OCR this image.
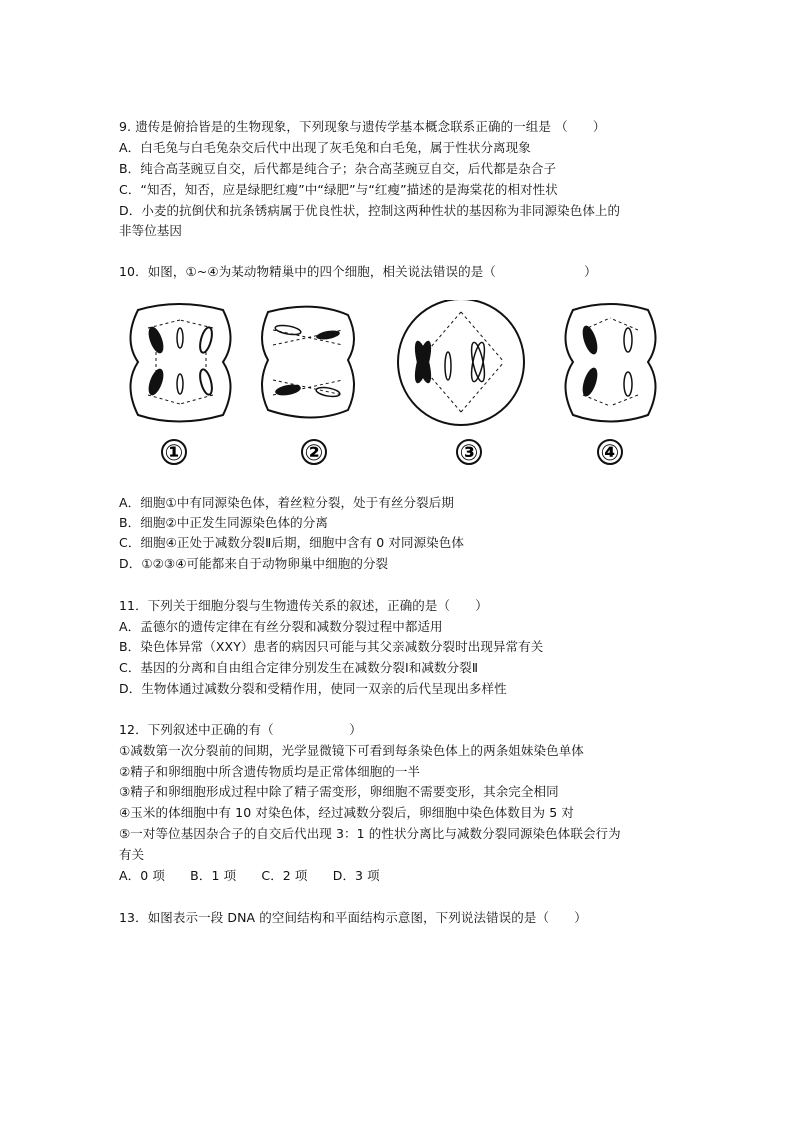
9. 遗传是俯拾皆是的生物现象，下列现象与遗传学基本概念联系正确的一组是 （　　）
A．白毛兔与白毛兔杂交后代中出现了灰毛兔和白毛兔，属于性状分离现象
B．纯合高茎豌豆自交，后代都是纯合子；杂合高茎豌豆自交，后代都是杂合子
C．“知否，知否，应是绿肥红瘦”中“绿肥”与“红瘦”描述的是海棠花的相对性状
D．小麦的抗倒伏和抗条锈病属于优良性状，控制这两种性状的基因称为非同源染色体上的
非等位基因
10．如图，①~④为某动物精巢中的四个细胞，相关说法错误的是（　　　　　　　）
①	②	③	④
A．细胞①中有同源染色体，着丝粒分裂，处于有丝分裂后期
B．细胞②中正发生同源染色体的分离
C．细胞④正处于减数分裂Ⅱ后期，细胞中含有 0 对同源染色体
D．①②③④可能都来自于动物卵巢中细胞的分裂
11．下列关于细胞分裂与生物遗传关系的叙述，正确的是（　　）
A．孟德尔的遗传定律在有丝分裂和减数分裂过程中都适用
B．染色体异常（XXY）患者的病因只可能与其父亲减数分裂时出现异常有关
C．基因的分离和自由组合定律分别发生在减数分裂Ⅰ和减数分裂Ⅱ
D．生物体通过减数分裂和受精作用，使同一双亲的后代呈现出多样性
12．下列叙述中正确的有（　　　　　　）
①减数第一次分裂前的间期，光学显微镜下可看到每条染色体上的两条姐妹染色单体
②精子和卵细胞中所含遗传物质均是正常体细胞的一半
③精子和卵细胞形成过程中除了精子需变形，卵细胞不需要变形，其余完全相同
④玉米的体细胞中有 10 对染色体，经过减数分裂后，卵细胞中染色体数目为 5 对
⑤一对等位基因杂合子的自交后代出现 3：1 的性状分离比与减数分裂同源染色体联会行为
有关
A．0 项　　B．1 项　　C．2 项　　D．3 项
13．如图表示一段 DNA 的空间结构和平面结构示意图，下列说法错误的是（　　）
